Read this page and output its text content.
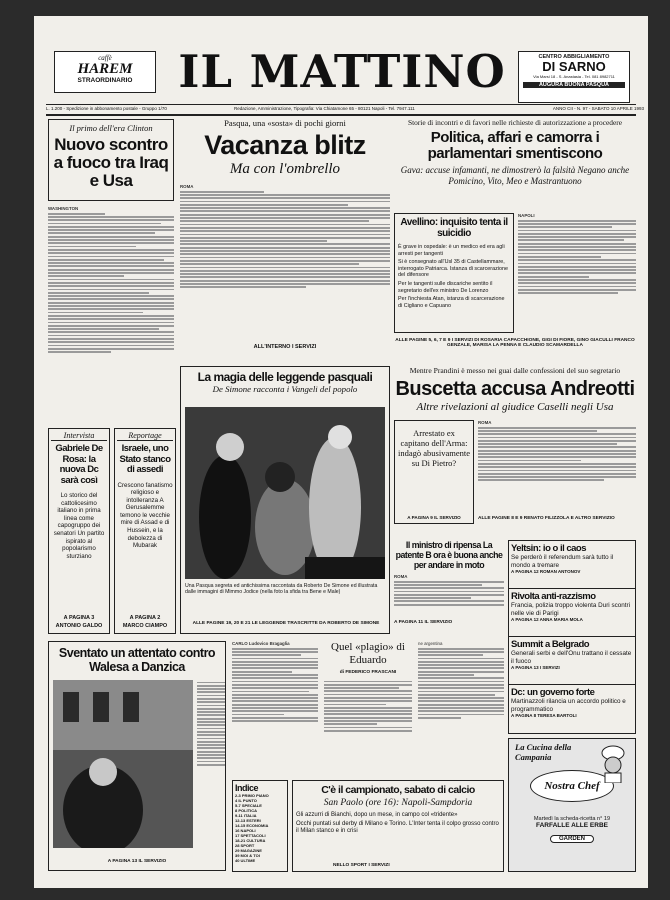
caffè
HAREM
STRAORDINARIO	IL MATTINO	CENTRO ABBIGLIAMENTO
DI SARNO
Via Marsi 18 - S. Anastasia - Tel. 081 8982711
AUGURA BUONA PASQUA
L. 1.200 - Spedizione in abbonamento postale - Gruppo 1/70	Redazione, Amministrazione, Tipografia: Via Chiatamone 65 - 80121 Napoli - Tel. 7947.111	ANNO CII - N. 97 - SABATO 10 APRILE 1993
Il primo dell'era Clinton
Nuovo scontro a fuoco tra Iraq e Usa
WASHINGTON
Intervista
Gabriele De Rosa: la nuova Dc sarà così
Lo storico del cattolicesimo italiano in prima linea come capogruppo dei senatori Un partito ispirato al popolarismo sturziano
A PAGINA 3
ANTONIO GALDO
Reportage
Israele, uno Stato stanco di assedi
Crescono fanatismo religioso e intolleranza A Gerusalemme temono le vecchie mire di Assad e di Hussein, e la debolezza di Mubarak
A PAGINA 2
MARCO CIAMPO
Pasqua, una «sosta» di pochi giorni
Vacanza blitz
Ma con l'ombrello
ROMA
ALL'INTERNO I SERVIZI
Storie di incontri e di favori nelle richieste di autorizzazione a procedere
Politica, affari e camorra i parlamentari smentiscono
Gava: accuse infamanti, ne dimostrerò la falsità Negano anche Pomicino, Vito, Meo e Mastrantuono
Avellino: inquisito tenta il suicidio
È grave in ospedale: è un medico ed era agli arresti per tangenti
Si è consegnato all'Usl 35 di Castellammare, interrogato Patriarca. Istanza di scarcerazione del difensore
Per le tangenti sulle discariche sentito il segretario dell'ex ministro De Lorenzo
Per l'inchiesta Atan, istanza di scarcerazione di Cigliano e Capuano
NAPOLI
ALLE PAGINE 5, 6, 7 E 9 I SERVIZI DI ROSARIA CAPACCHIONE, GIGI DI FIORE, GINO GIACULLI FRANCO GENZALE, MARISA LA PENNA E CLAUDIO SCAMARDELLA
La magia delle leggende pasquali
De Simone racconta i Vangeli del popolo
Una Pasqua segreta ed antichissima raccontata da Roberto De Simone ed illustrata dalle immagini di Mimmo Jodice (nella foto la sfida tra Bene e Male)
ALLE PAGINE 19, 20 E 21 LE LEGGENDE TRASCRITTE DA ROBERTO DE SIMONE
Mentre Prandini è messo nei guai dalle confessioni del suo segretario
Buscetta accusa Andreotti
Altre rivelazioni al giudice Caselli negli Usa
Arrestato ex capitano dell'Arma: indagò abusivamente su Di Pietro?
A PAGINA 9 IL SERVIZIO
ROMA
ALLE PAGINE 8 E 9 RENATO FILIZZOLA E ALTRO SERVIZIO
Il ministro di ripensa La patente B ora è buona anche per andare in moto
ROMA
A PAGINA 11 IL SERVIZIO
Yeltsin: io o il caos
Se perderò il referendum sarà tutto il mondo a tremare
A PAGINA 12 ROMAN ANTONOV
Rivolta anti-razzismo
Francia, polizia troppo violenta Duri scontri nelle vie di Parigi
A PAGINA 12 ANNA MARIA MOLA
Summit a Belgrado
Generali serbi e dell'Onu trattano il cessate il fuoco
A PAGINA 13 I SERVIZI
Dc: un governo forte
Martinazzoli rilancia un accordo politico e programmatico
A PAGINA 8 TERESA BARTOLI
Sventato un attentato contro Walesa a Danzica
A PAGINA 13 IL SERVIZIO
CARLO Ludovico Bragaglia	Quel «plagio» di Eduardo
di FEDERICO FRASCANI
ne argentina
Indice
2-3 PRIMO PIANO
4 IL PUNTO
5-7 SPECIALE
8 POLITICA
9-11 ITALIA
12-13 ESTERI
14-15 ECONOMIA
16 NAPOLI
17 SPETTACOLI
18-21 CULTURA
28 SPORT
29 MAGAZINE
39 MOI & TOI
40 ULTIME
C'è il campionato, sabato di calcio
San Paolo (ore 16): Napoli-Sampdoria
Gli azzurri di Bianchi, dopo un mese, in campo col «tridente»
Occhi puntati sul derby di Milano e Torino. L'Inter tenta il colpo grosso contro il Milan stanco e in crisi
NELLO SPORT I SERVIZI
La Cucina della Campania
Nostra Chef
Martedì la scheda-ricetta n° 19
FARFALLE ALLE ERBE
GARDEN
